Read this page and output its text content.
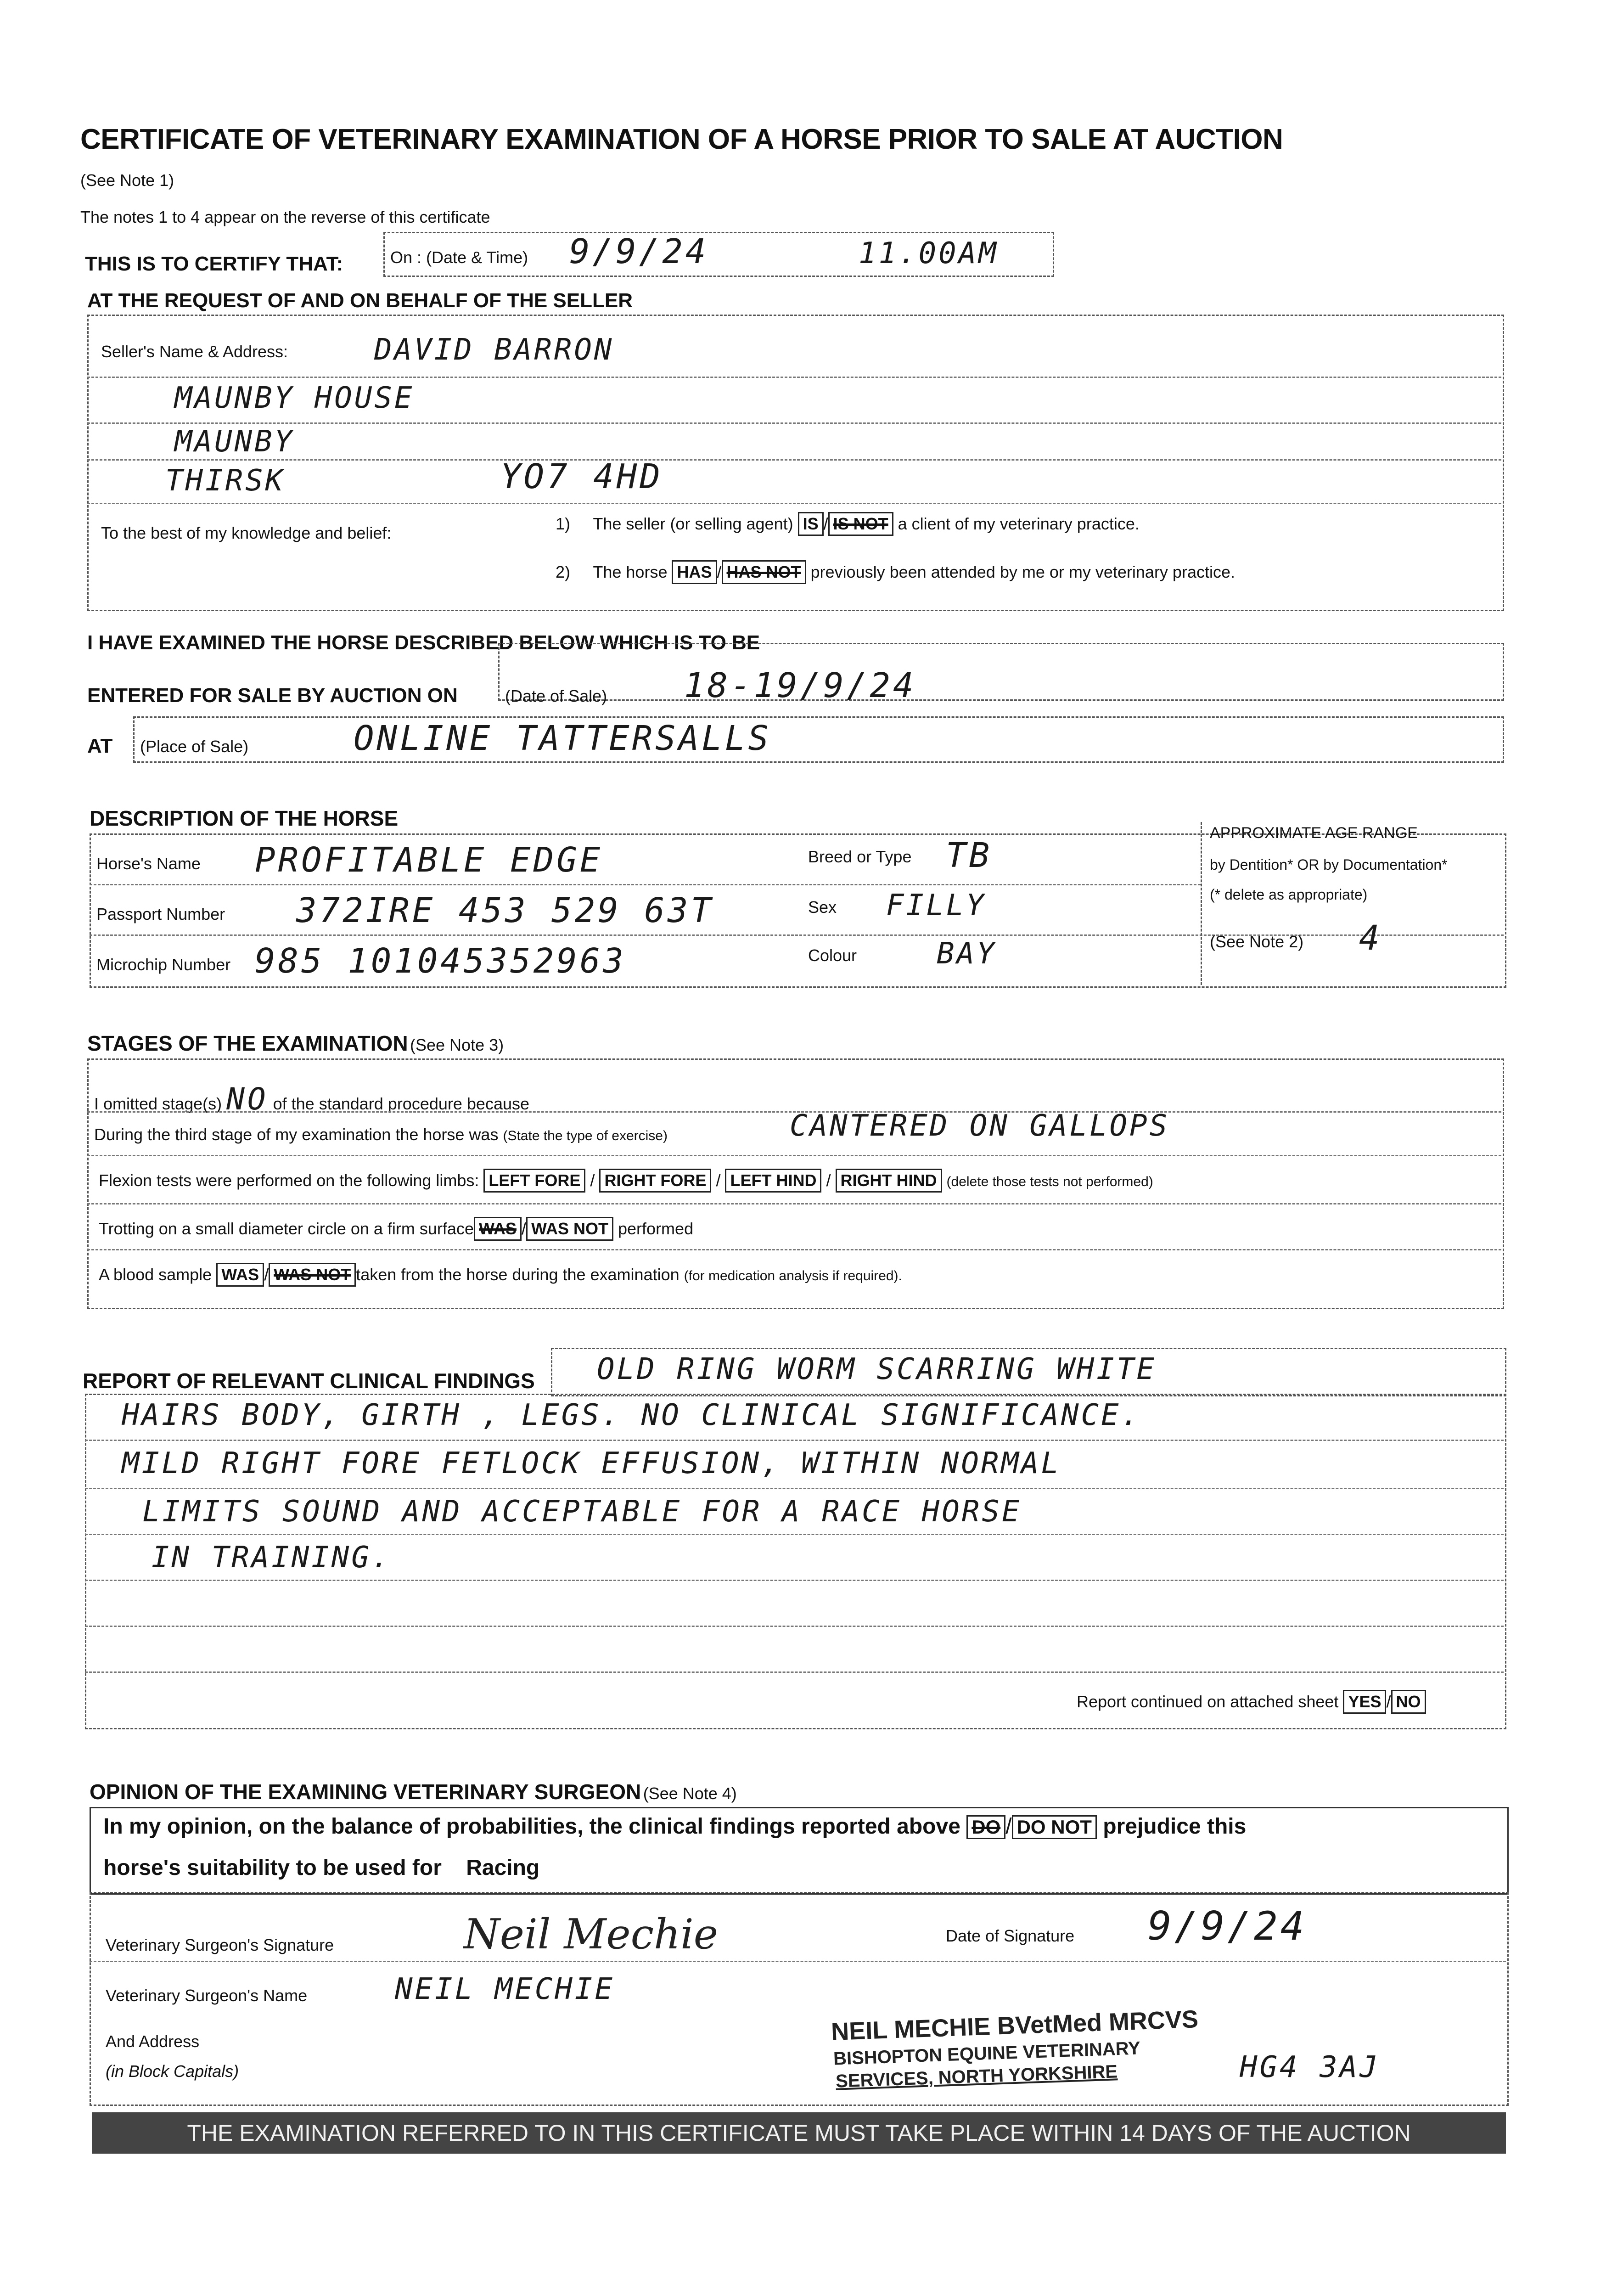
CERTIFICATE OF VETERINARY EXAMINATION OF A HORSE PRIOR TO SALE AT AUCTION
(See Note 1)
The notes 1 to 4 appear on the reverse of this certificate
THIS IS TO CERTIFY THAT:	On : (Date & Time) 9/9/24	11.00AM
AT THE REQUEST OF AND ON BEHALF OF THE SELLER
Seller's Name & Address:	DAVID BARRON
MAUNBY HOUSE
MAUNBY
THIRSK	YO7 4HD
To the best of my knowledge and belief:	1) The seller (or selling agent) IS / IS NOT a client of my veterinary practice.
2) The horse HAS / HAS NOT previously been attended by me or my veterinary practice.
I HAVE EXAMINED THE HORSE DESCRIBED BELOW WHICH IS TO BE
ENTERED FOR SALE BY AUCTION ON	(Date of Sale) 18-19/9/24
AT (Place of Sale)	ONLINE TATTERSALLS
DESCRIPTION OF THE HORSE
Horse's Name PROFITABLE EDGE
Passport Number 372IRE 453 529 63T
Microchip Number 985 101045352963
Breed or Type TB
Sex FILLY
Colour	BAY
APPROXIMATE AGE RANGE
by Dentition* OR by Documentation*
(* delete as appropriate)
(See Note 2) 4
STAGES OF THE EXAMINATION (See Note 3)
I omitted stage(s) NO of the standard procedure because
During the third stage of my examination the horse was (State the type of exercise)	CANTERED ON GALLOPS
Flexion tests were performed on the following limbs: LEFT FORE / RIGHT FORE / LEFT HIND / RIGHT HIND (delete those tests not performed)
Trotting on a small diameter circle on a firm surface WAS / WAS NOT performed
A blood sample WAS / WAS NOT taken from the horse during the examination (for medication analysis if required).
REPORT OF RELEVANT CLINICAL FINDINGS OLD RING WORM SCARRING WHITE
HAIRS BODY, GIRTH , LEGS. NO CLINICAL SIGNIFICANCE.
MILD RIGHT FORE FETLOCK EFFUSION, WITHIN NORMAL
LIMITS SOUND AND ACCEPTABLE FOR A RACE HORSE
IN TRAINING.
Report continued on attached sheet YES / NO
OPINION OF THE EXAMINING VETERINARY SURGEON (See Note 4)
In my opinion, on the balance of probabilities, the clinical findings reported above DO / DO NOT prejudice this
horse's suitability to be used for Racing
Veterinary Surgeon's Signature	Neil Mechie	Date of Signature 9/9/24
Veterinary Surgeon's Name	NEIL MECHIE
And Address
(in Block Capitals)
NEIL MECHIE BVetMed MRCVS
BISHOPTON EQUINE VETERINARY
SERVICES, NORTH YORKSHIRE	HG4 3AJ
THE EXAMINATION REFERRED TO IN THIS CERTIFICATE MUST TAKE PLACE WITHIN 14 DAYS OF THE AUCTION
